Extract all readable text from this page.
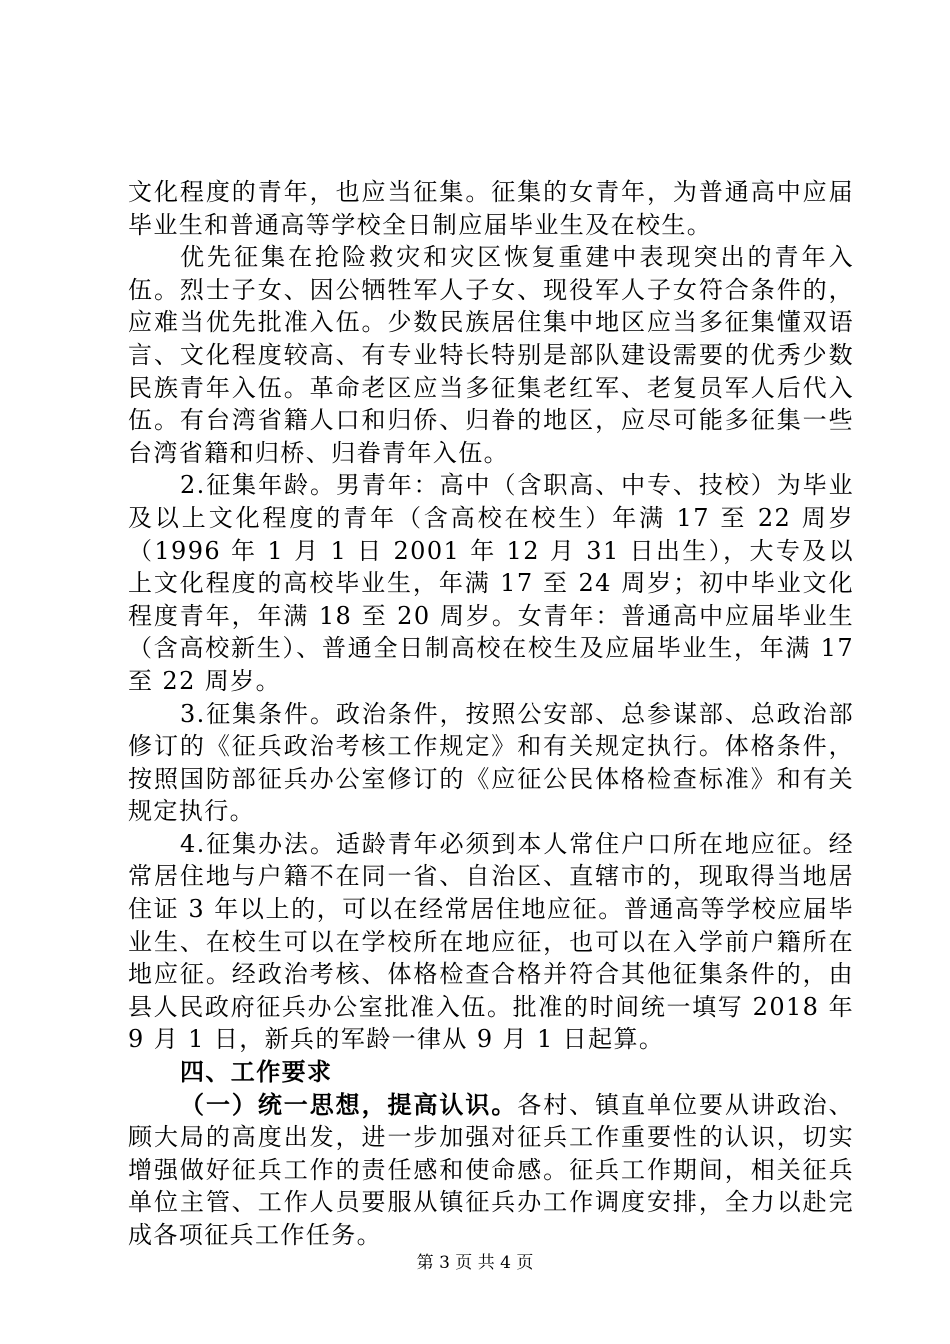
文化程度的青年，也应当征集。征集的女青年，为普通高中应届毕业生和普通高等学校全日制应届毕业生及在校生。

优先征集在抢险救灾和灾区恢复重建中表现突出的青年入伍。烈士子女、因公牺牲军人子女、现役军人子女符合条件的，应难当优先批准入伍。少数民族居住集中地区应当多征集懂双语言、文化程度较高、有专业特长特别是部队建设需要的优秀少数民族青年入伍。革命老区应当多征集老红军、老复员军人后代入伍。有台湾省籍人口和归侨、归眷的地区，应尽可能多征集一些台湾省籍和归桥、归眷青年入伍。

2.征集年龄。男青年：高中（含职高、中专、技校）为毕业及以上文化程度的青年（含高校在校生）年满 17 至 22 周岁（1996 年 1 月 1 日 2001 年 12 月 31 日出生），大专及以上文化程度的高校毕业生，年满 17 至 24 周岁；初中毕业文化程度青年，年满 18 至 20 周岁。女青年：普通高中应届毕业生（含高校新生）、普通全日制高校在校生及应届毕业生，年满 17 至 22 周岁。

3.征集条件。政治条件，按照公安部、总参谋部、总政治部修订的《征兵政治考核工作规定》和有关规定执行。体格条件，按照国防部征兵办公室修订的《应征公民体格检查标准》和有关规定执行。

4.征集办法。适龄青年必须到本人常住户口所在地应征。经常居住地与户籍不在同一省、自治区、直辖市的，现取得当地居住证 3 年以上的，可以在经常居住地应征。普通高等学校应届毕业生、在校生可以在学校所在地应征，也可以在入学前户籍所在地应征。经政治考核、体格检查合格并符合其他征集条件的，由县人民政府征兵办公室批准入伍。批准的时间统一填写 2018 年 9 月 1 日，新兵的军龄一律从 9 月 1 日起算。

四、工作要求

（一）统一思想，提高认识。各村、镇直单位要从讲政治、顾大局的高度出发，进一步加强对征兵工作重要性的认识，切实增强做好征兵工作的责任感和使命感。征兵工作期间，相关征兵单位主管、工作人员要服从镇征兵办工作调度安排，全力以赴完成各项征兵工作任务。

第 3 页 共 4 页
